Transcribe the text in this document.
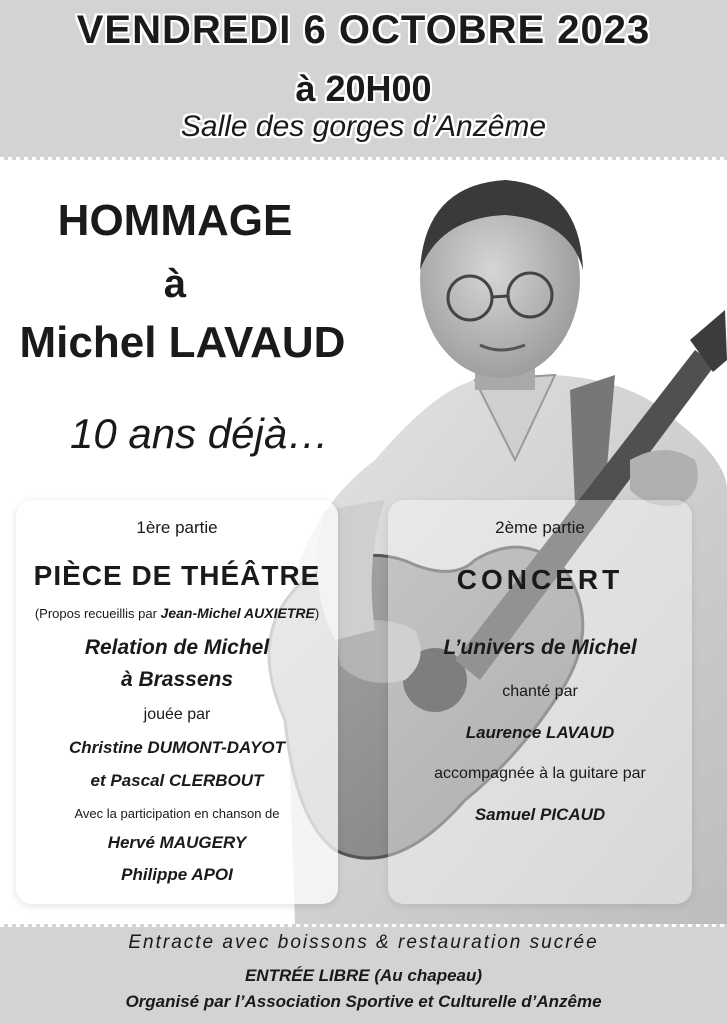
VENDREDI 6 OCTOBRE 2023
à 20H00
Salle des gorges d’Anzême
HOMMAGE
à
Michel LAVAUD
10 ans déjà…
1ère partie
PIÈCE DE THÉÂTRE
(Propos recueillis par Jean-Michel AUXIETRE)
Relation de Michel
à Brassens
jouée par
Christine DUMONT-DAYOT
et Pascal CLERBOUT
Avec la participation en chanson de
Hervé MAUGERY
Philippe APOI
2ème partie
CONCERT
L’univers de Michel
chanté par
Laurence LAVAUD
accompagnée à la guitare par
Samuel PICAUD
Entracte avec boissons & restauration sucrée
ENTRÉE LIBRE (Au chapeau)
Organisé par l’Association Sportive et Culturelle d’Anzême
